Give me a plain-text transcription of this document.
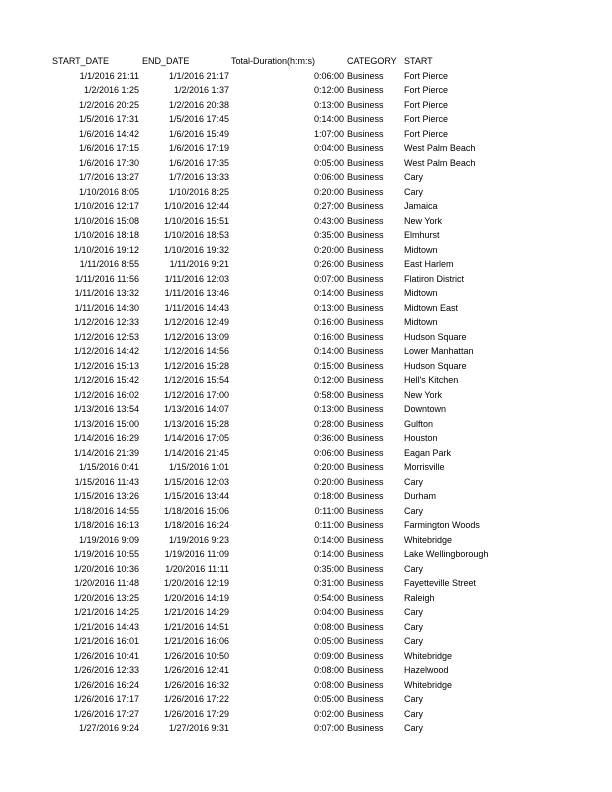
START_DATE	END_DATE	Total-Duration(h:m:s)	CATEGORY START
1/1/2016 21:11	1/1/2016 21:17	0:06:00 Business Fort Pierce
1/2/2016 1:25	1/2/2016 1:37	0:12:00 Business Fort Pierce
1/2/2016 20:25	1/2/2016 20:38	0:13:00 Business Fort Pierce
1/5/2016 17:31	1/5/2016 17:45	0:14:00 Business Fort Pierce
1/6/2016 14:42	1/6/2016 15:49	1:07:00 Business Fort Pierce
1/6/2016 17:15	1/6/2016 17:19	0:04:00 Business West Palm Beach
1/6/2016 17:30	1/6/2016 17:35	0:05:00 Business West Palm Beach
1/7/2016 13:27	1/7/2016 13:33	0:06:00 Business Cary
1/10/2016 8:05	1/10/2016 8:25	0:20:00 Business Cary
1/10/2016 12:17	1/10/2016 12:44	0:27:00 Business Jamaica
1/10/2016 15:08	1/10/2016 15:51	0:43:00 Business New York
1/10/2016 18:18	1/10/2016 18:53	0:35:00 Business Elmhurst
1/10/2016 19:12	1/10/2016 19:32	0:20:00 Business Midtown
1/11/2016 8:55	1/11/2016 9:21	0:26:00 Business East Harlem
1/11/2016 11:56	1/11/2016 12:03	0:07:00 Business Flatiron District
1/11/2016 13:32	1/11/2016 13:46	0:14:00 Business Midtown
1/11/2016 14:30	1/11/2016 14:43	0:13:00 Business Midtown East
1/12/2016 12:33	1/12/2016 12:49	0:16:00 Business Midtown
1/12/2016 12:53	1/12/2016 13:09	0:16:00 Business Hudson Square
1/12/2016 14:42	1/12/2016 14:56	0:14:00 Business Lower Manhattan
1/12/2016 15:13	1/12/2016 15:28	0:15:00 Business Hudson Square
1/12/2016 15:42	1/12/2016 15:54	0:12:00 Business Hell's Kitchen
1/12/2016 16:02	1/12/2016 17:00	0:58:00 Business New York
1/13/2016 13:54	1/13/2016 14:07	0:13:00 Business Downtown
1/13/2016 15:00	1/13/2016 15:28	0:28:00 Business Gulfton
1/14/2016 16:29	1/14/2016 17:05	0:36:00 Business Houston
1/14/2016 21:39	1/14/2016 21:45	0:06:00 Business Eagan Park
1/15/2016 0:41	1/15/2016 1:01	0:20:00 Business Morrisville
1/15/2016 11:43	1/15/2016 12:03	0:20:00 Business Cary
1/15/2016 13:26	1/15/2016 13:44	0:18:00 Business Durham
1/18/2016 14:55	1/18/2016 15:06	0:11:00 Business Cary
1/18/2016 16:13	1/18/2016 16:24	0:11:00 Business Farmington Woods
1/19/2016 9:09	1/19/2016 9:23	0:14:00 Business Whitebridge
1/19/2016 10:55	1/19/2016 11:09	0:14:00 Business Lake Wellingborough
1/20/2016 10:36	1/20/2016 11:11	0:35:00 Business Cary
1/20/2016 11:48	1/20/2016 12:19	0:31:00 Business Fayetteville Street
1/20/2016 13:25	1/20/2016 14:19	0:54:00 Business Raleigh
1/21/2016 14:25	1/21/2016 14:29	0:04:00 Business Cary
1/21/2016 14:43	1/21/2016 14:51	0:08:00 Business Cary
1/21/2016 16:01	1/21/2016 16:06	0:05:00 Business Cary
1/26/2016 10:41	1/26/2016 10:50	0:09:00 Business Whitebridge
1/26/2016 12:33	1/26/2016 12:41	0:08:00 Business Hazelwood
1/26/2016 16:24	1/26/2016 16:32	0:08:00 Business Whitebridge
1/26/2016 17:17	1/26/2016 17:22	0:05:00 Business Cary
1/26/2016 17:27	1/26/2016 17:29	0:02:00 Business Cary
1/27/2016 9:24	1/27/2016 9:31	0:07:00 Business Cary
